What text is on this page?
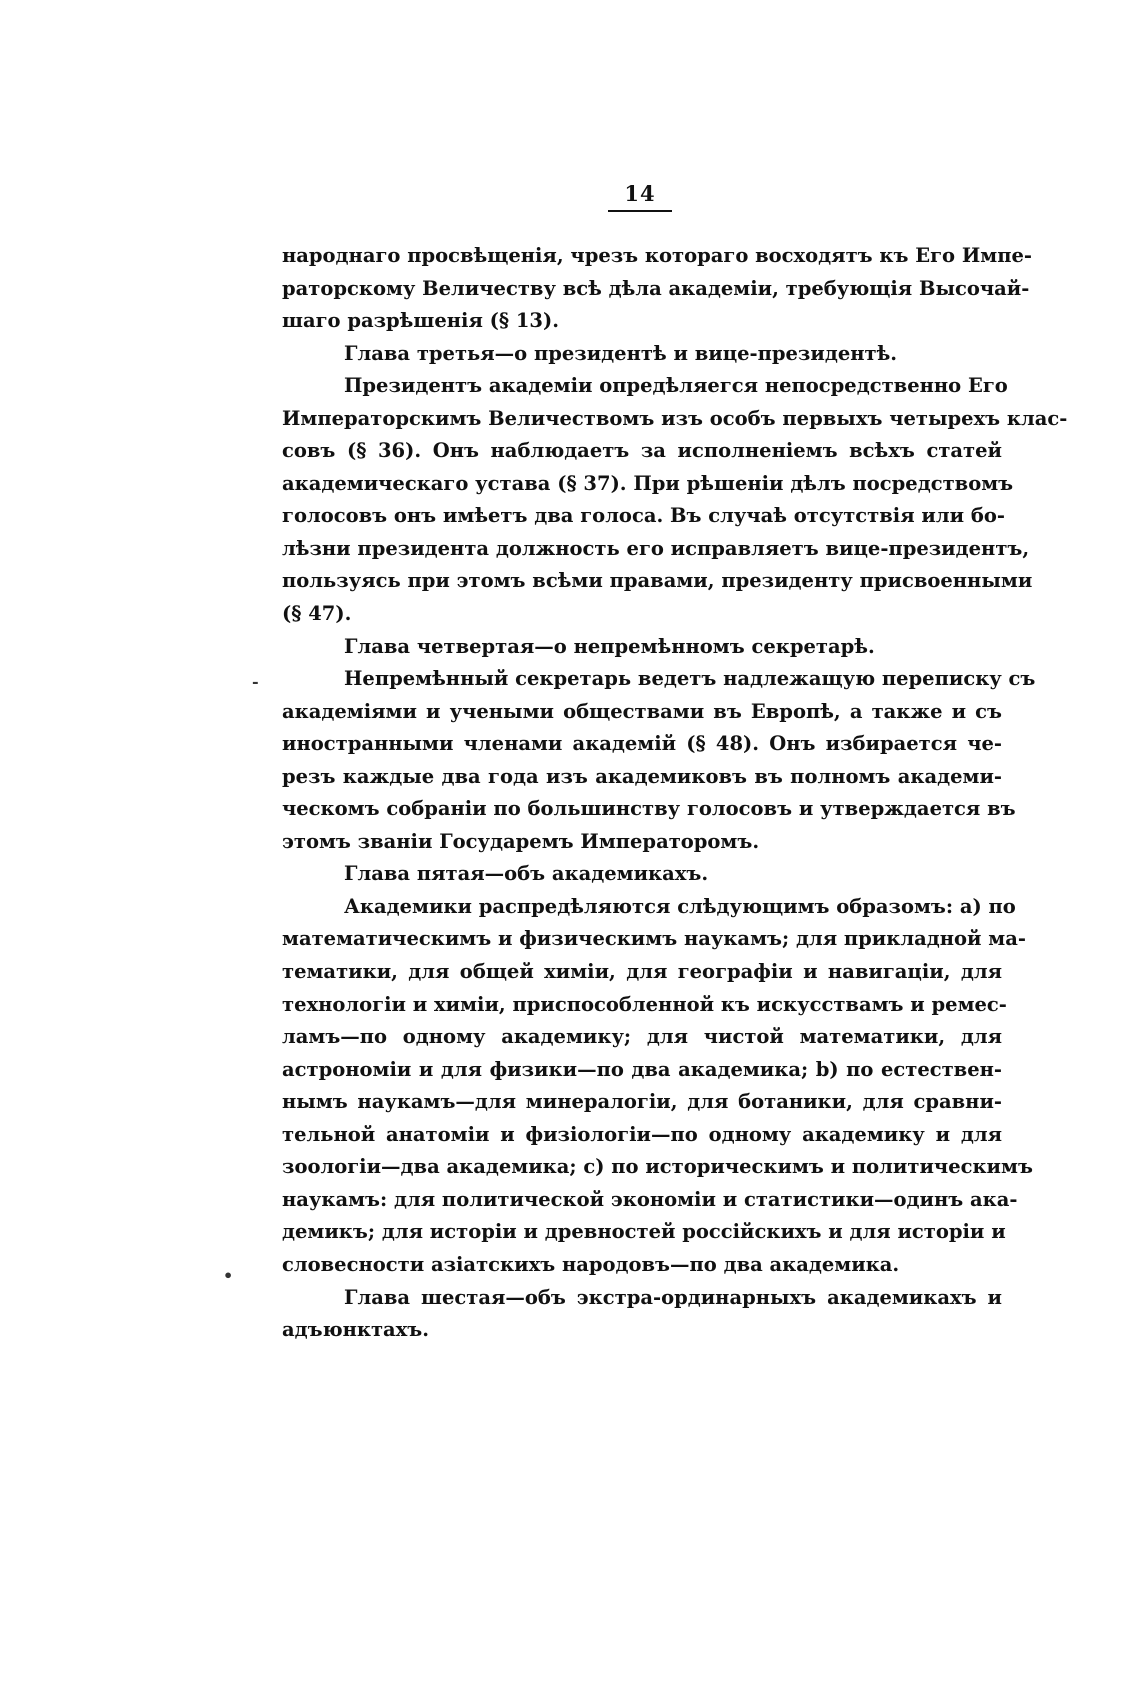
14
народнаго просвѣщенія, чрезъ котораго восходятъ къ Его Импе-
раторскому Величеству всѣ дѣла академіи, требующія Высочай-
шаго разрѣшенія (§ 13).
Глава третья—о президентѣ и вице-президентѣ.
Президентъ академіи опредѣляегся непосредственно Его
Императорскимъ Величествомъ изъ особъ первыхъ четырехъ клас-
совъ (§ 36). Онъ наблюдаетъ за исполненіемъ всѣхъ статей
академическаго устава (§ 37). При рѣшеніи дѣлъ посредствомъ
голосовъ онъ имѣетъ два голоса. Въ случаѣ отсутствія или бо-
лѣзни президента должность его исправляетъ вице-президентъ,
пользуясь при этомъ всѣми правами, президенту присвоенными
(§ 47).
Глава четвертая—о непремѣнномъ секретарѣ.
Непремѣнный секретарь ведетъ надлежащую переписку съ
академіями и учеными обществами въ Европѣ, а также и съ
иностранными членами академій (§ 48). Онъ избирается че-
резъ каждые два года изъ академиковъ въ полномъ академи-
ческомъ собраніи по большинству голосовъ и утверждается въ
этомъ званіи Государемъ Императоромъ.
Глава пятая—объ академикахъ.
Академики распредѣляются слѣдующимъ образомъ: a) по
математическимъ и физическимъ наукамъ; для прикладной ма-
тематики, для общей химіи, для географіи и навигаціи, для
технологіи и химіи, приспособленной къ искусствамъ и ремес-
ламъ—по одному академику; для чистой математики, для
астрономіи и для физики—по два академика; b) по естествен-
нымъ наукамъ—для минералогіи, для ботаники, для сравни-
тельной анатоміи и физіологіи—по одному академику и для
зоологіи—два академика; c) по историческимъ и политическимъ
наукамъ: для политической экономіи и статистики—одинъ ака-
демикъ; для исторіи и древностей россійскихъ и для исторіи и
словесности азіатскихъ народовъ—по два академика.
Глава шестая—объ экстра-ординарныхъ академикахъ и
адъюнктахъ.
-
•
